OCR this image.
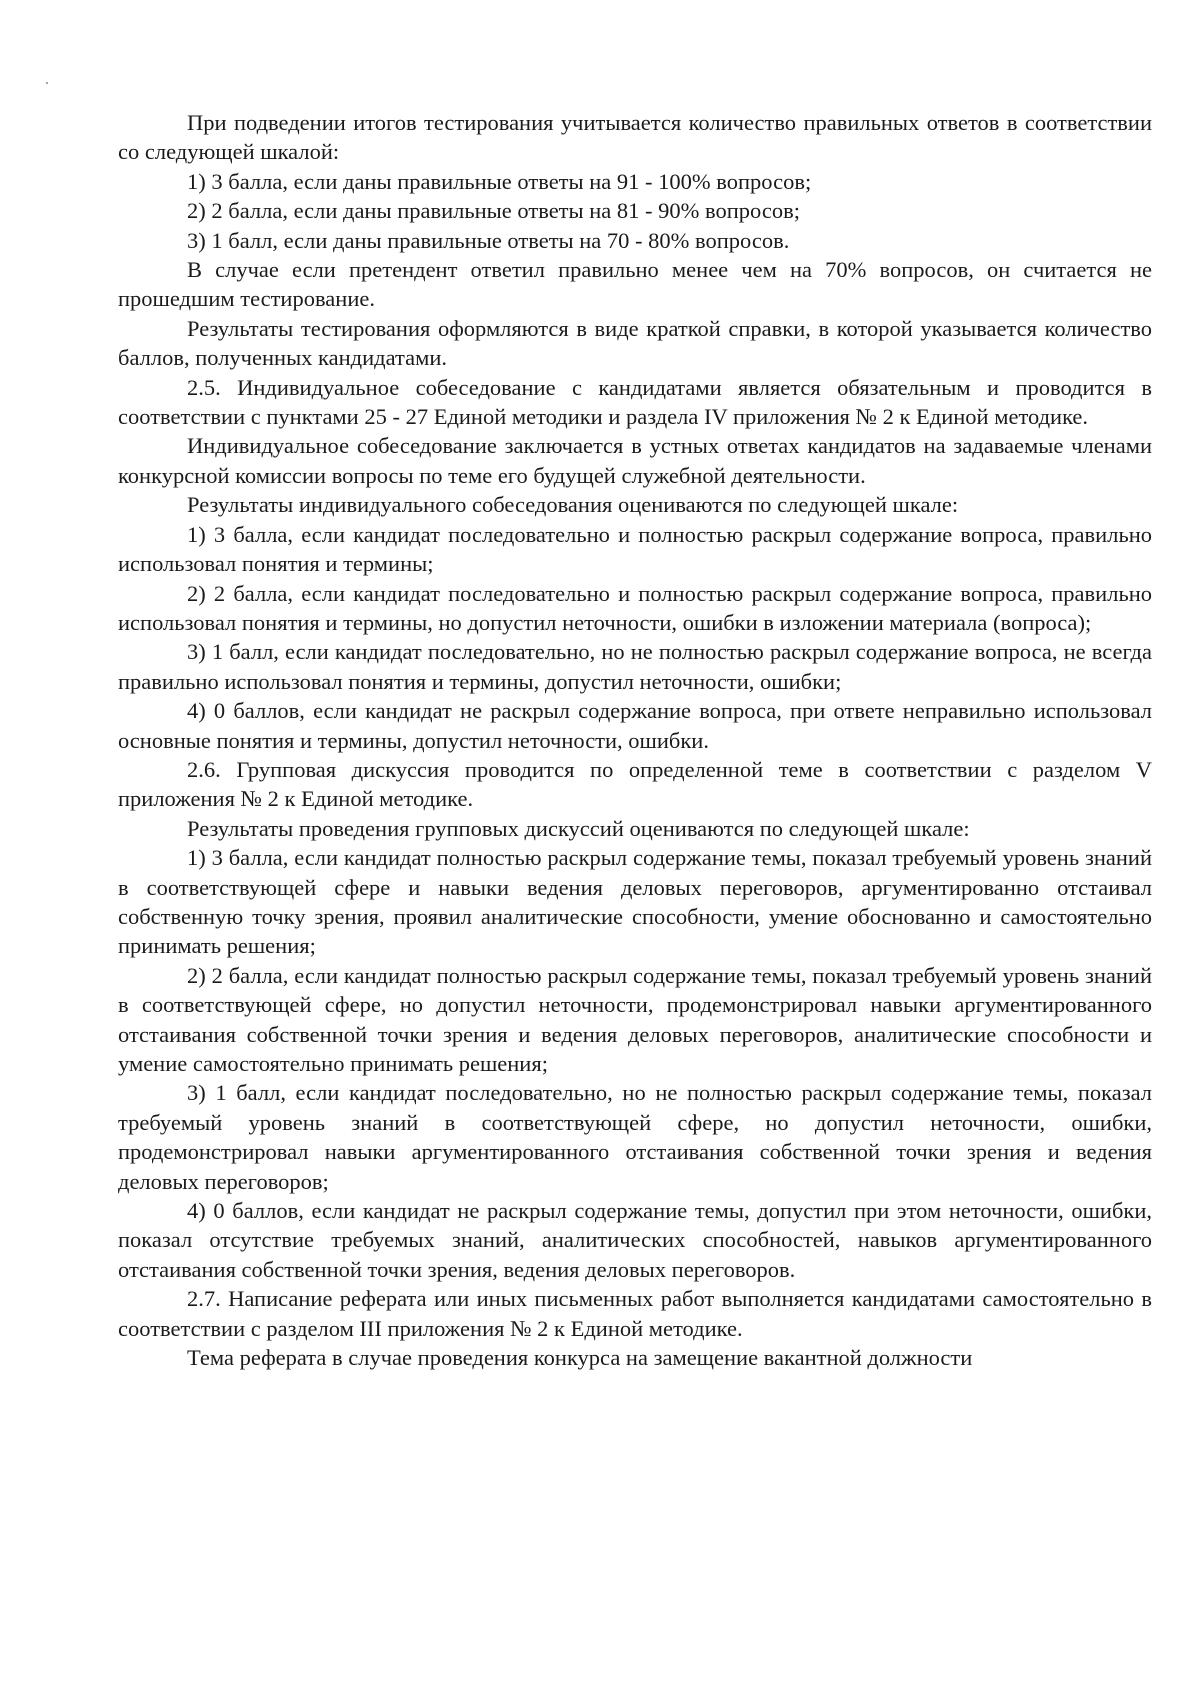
При подведении итогов тестирования учитывается количество правильных ответов в соответствии со следующей шкалой:

1) 3 балла, если даны правильные ответы на 91 - 100% вопросов;

2) 2 балла, если даны правильные ответы на 81 - 90% вопросов;

3) 1 балл, если даны правильные ответы на 70 - 80% вопросов.

В случае если претендент ответил правильно менее чем на 70% вопросов, он считается не прошедшим тестирование.

Результаты тестирования оформляются в виде краткой справки, в которой указывается количество баллов, полученных кандидатами.

2.5. Индивидуальное собеседование с кандидатами является обязательным и проводится в соответствии с пунктами 25 - 27 Единой методики и раздела IV приложения № 2 к Единой методике.

Индивидуальное собеседование заключается в устных ответах кандидатов на задаваемые членами конкурсной комиссии вопросы по теме его будущей служебной деятельности.

Результаты индивидуального собеседования оцениваются по следующей шкале:

1) 3 балла, если кандидат последовательно и полностью раскрыл содержание вопроса, правильно использовал понятия и термины;

2) 2 балла, если кандидат последовательно и полностью раскрыл содержание вопроса, правильно использовал понятия и термины, но допустил неточности, ошибки в изложении материала (вопроса);

3) 1 балл, если кандидат последовательно, но не полностью раскрыл содержание вопроса, не всегда правильно использовал понятия и термины, допустил неточности, ошибки;

4) 0 баллов, если кандидат не раскрыл содержание вопроса, при ответе неправильно использовал основные понятия и термины, допустил неточности, ошибки.

2.6. Групповая дискуссия проводится по определенной теме в соответствии с разделом V приложения № 2 к Единой методике.

Результаты проведения групповых дискуссий оцениваются по следующей шкале:

1) 3 балла, если кандидат полностью раскрыл содержание темы, показал требуемый уровень знаний в соответствующей сфере и навыки ведения деловых переговоров, аргументированно отстаивал собственную точку зрения, проявил аналитические способности, умение обоснованно и самостоятельно принимать решения;

2) 2 балла, если кандидат полностью раскрыл содержание темы, показал требуемый уровень знаний в соответствующей сфере, но допустил неточности, продемонстрировал навыки аргументированного отстаивания собственной точки зрения и ведения деловых переговоров, аналитические способности и умение самостоятельно принимать решения;

3) 1 балл, если кандидат последовательно, но не полностью раскрыл содержание темы, показал требуемый уровень знаний в соответствующей сфере, но допустил неточности, ошибки, продемонстрировал навыки аргументированного отстаивания собственной точки зрения и ведения деловых переговоров;

4) 0 баллов, если кандидат не раскрыл содержание темы, допустил при этом неточности, ошибки, показал отсутствие требуемых знаний, аналитических способностей, навыков аргументированного отстаивания собственной точки зрения, ведения деловых переговоров.

2.7. Написание реферата или иных письменных работ выполняется кандидатами самостоятельно в соответствии с разделом III приложения № 2 к Единой методике.

Тема реферата в случае проведения конкурса на замещение вакантной должности
